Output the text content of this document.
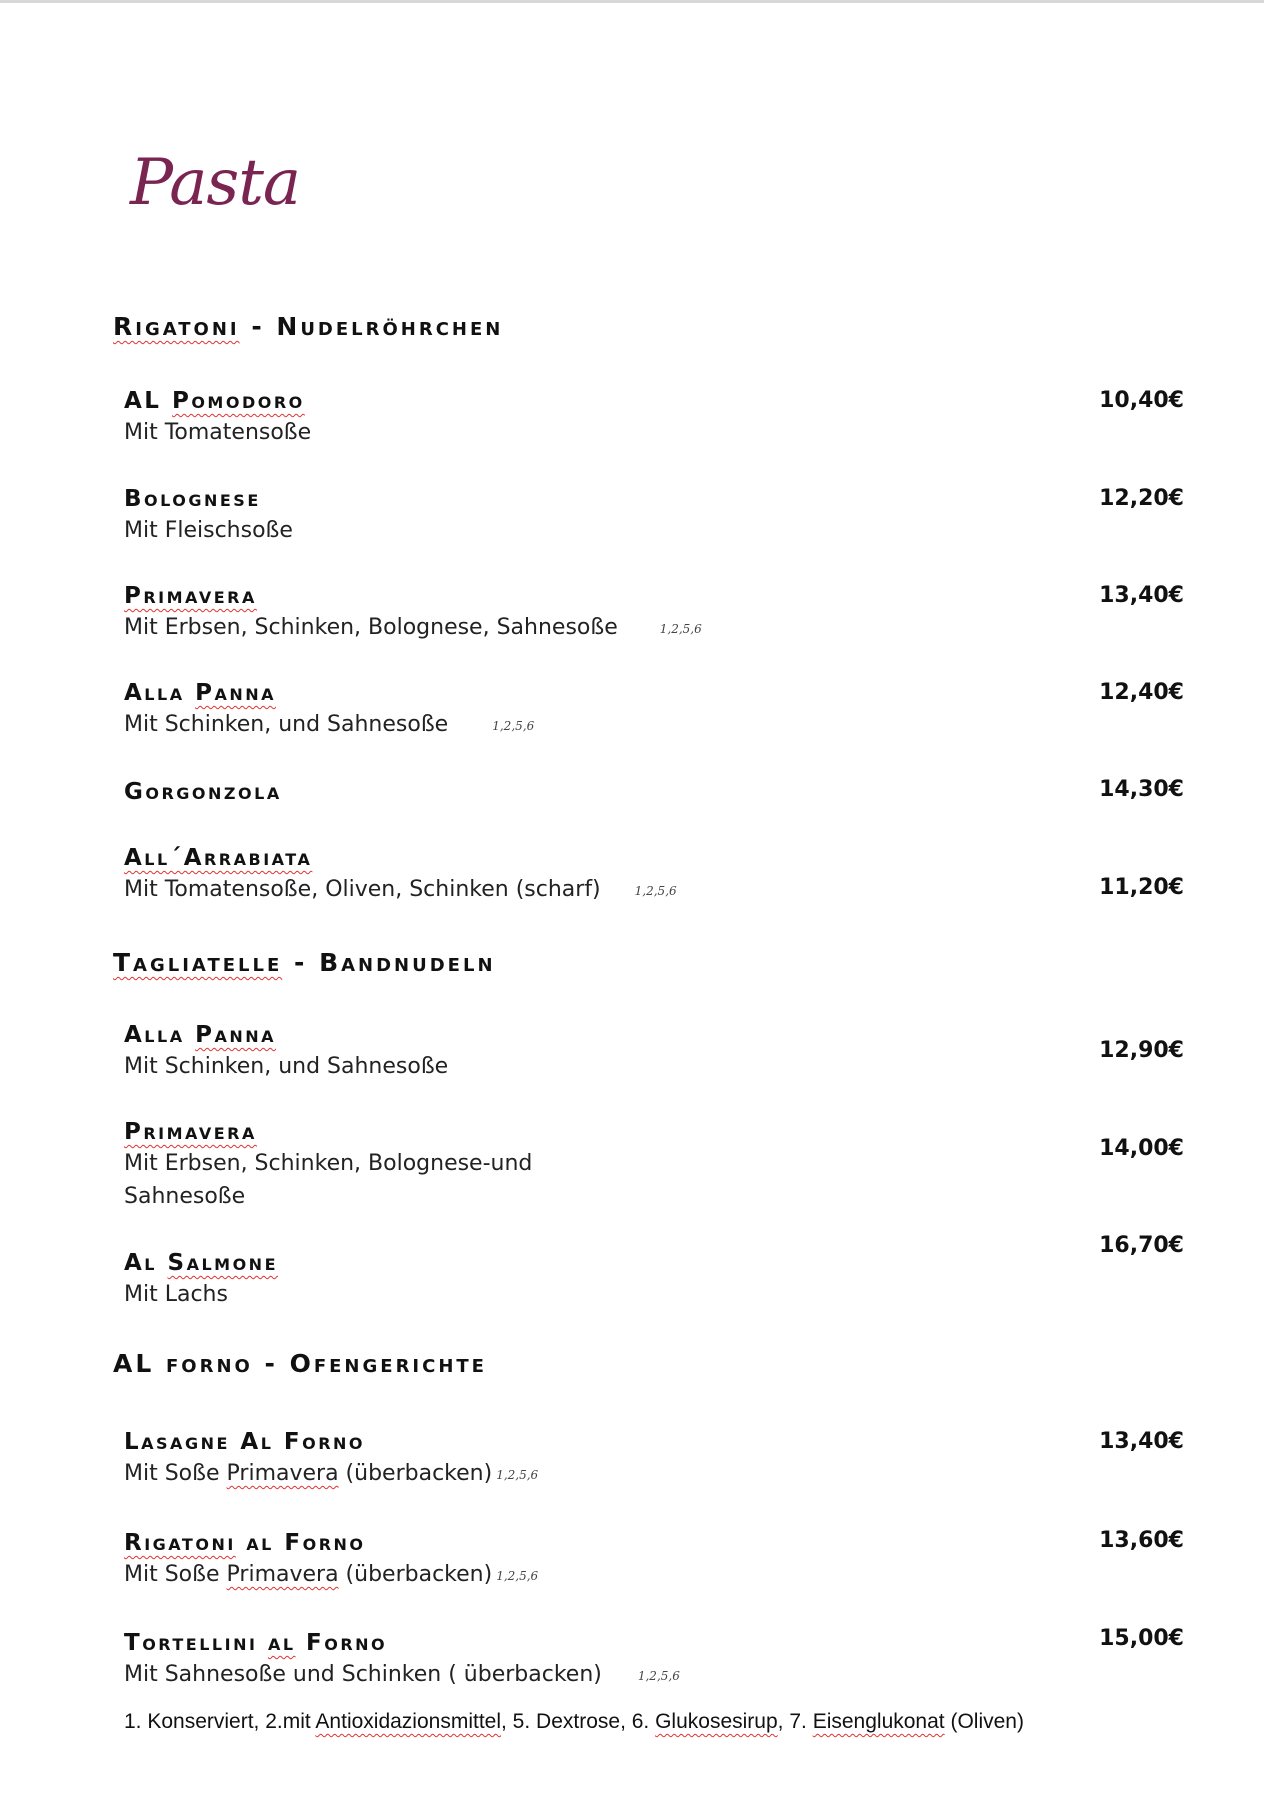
Pasta
Rigatoni - Nudelröhrchen
AL Pomodoro
Mit Tomatensoße
10,40€
Bolognese
Mit Fleischsoße
12,20€
Primavera
Mit Erbsen, Schinken, Bolognese, Sahnesoße	1,2,5,6
13,40€
Alla Panna
Mit Schinken, und Sahnesoße	1,2,5,6
12,40€
Gorgonzola	14,30€
All´Arrabiata
Mit Tomatensoße, Oliven, Schinken (scharf)	1,2,5,6	11,20€
Tagliatelle - Bandnudeln
Alla Panna
Mit Schinken, und Sahnesoße
12,90€
Primavera
Mit Erbsen, Schinken, Bolognese-und
Sahnesoße
14,00€
Al Salmone
Mit Lachs
16,70€
AL forno - Ofengerichte
Lasagne Al Forno
Mit Soße Primavera (überbacken) 1,2,5,6
13,40€
Rigatoni al Forno
Mit Soße Primavera (überbacken) 1,2,5,6
13,60€
Tortellini al Forno
Mit Sahnesoße und Schinken ( überbacken)	1,2,5,6
15,00€
1. Konserviert, 2.mit Antioxidazionsmittel, 5. Dextrose, 6. Glukosesirup, 7. Eisenglukonat (Oliven)
